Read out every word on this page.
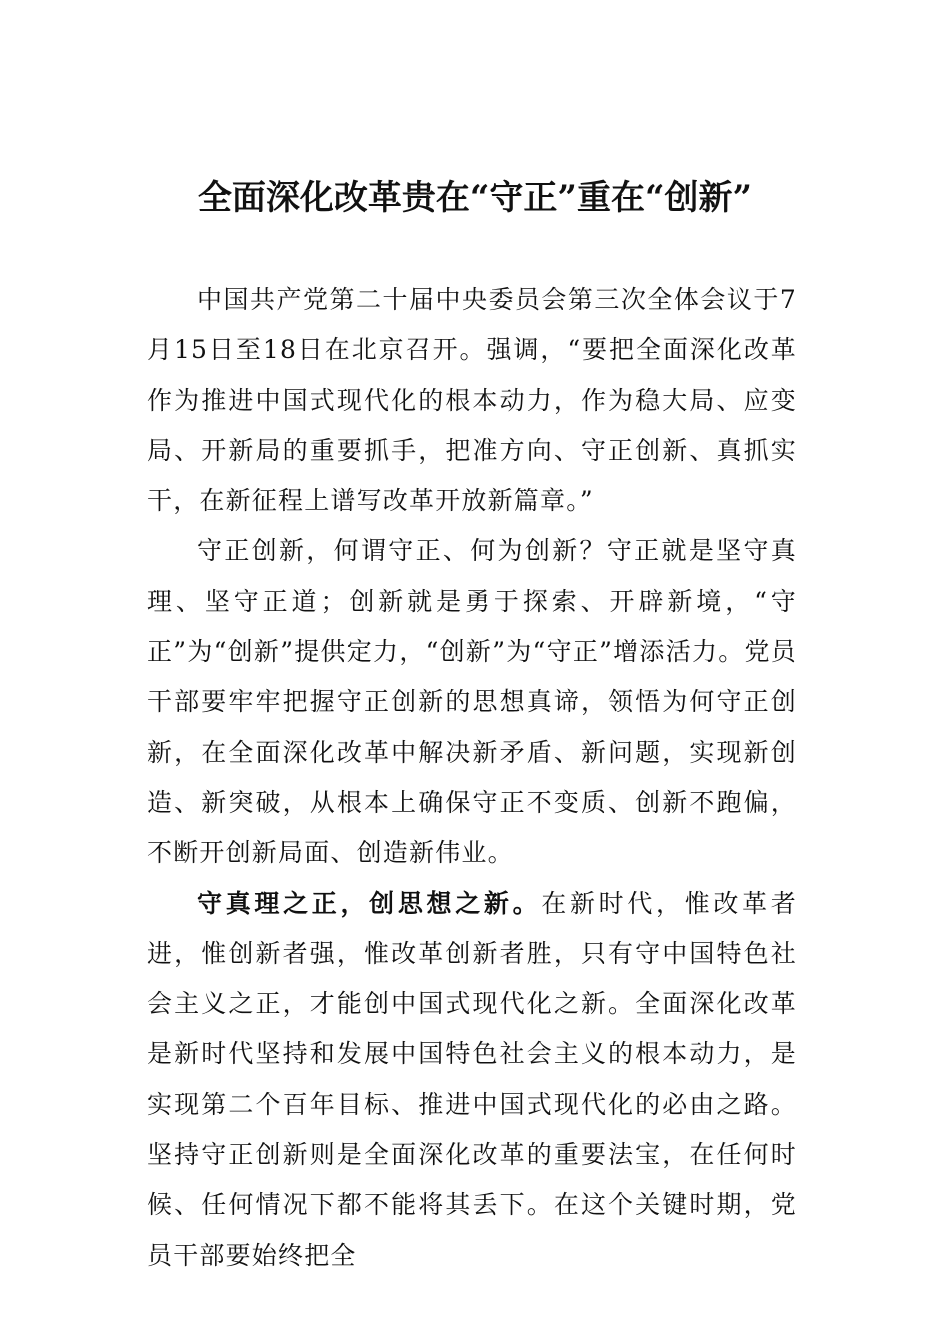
全面深化改革贵在“守正”重在“创新”

中国共产党第二十届中央委员会第三次全体会议于7月15日至18日在北京召开。强调，“要把全面深化改革作为推进中国式现代化的根本动力，作为稳大局、应变局、开新局的重要抓手，把准方向、守正创新、真抓实干，在新征程上谱写改革开放新篇章。”

守正创新，何谓守正、何为创新？守正就是坚守真理、坚守正道；创新就是勇于探索、开辟新境，“守正”为“创新”提供定力，“创新”为“守正”增添活力。党员干部要牢牢把握守正创新的思想真谛，领悟为何守正创新，在全面深化改革中解决新矛盾、新问题，实现新创造、新突破，从根本上确保守正不变质、创新不跑偏，不断开创新局面、创造新伟业。

守真理之正，创思想之新。在新时代，惟改革者进，惟创新者强，惟改革创新者胜，只有守中国特色社会主义之正，才能创中国式现代化之新。全面深化改革是新时代坚持和发展中国特色社会主义的根本动力，是实现第二个百年目标、推进中国式现代化的必由之路。坚持守正创新则是全面深化改革的重要法宝，在任何时候、任何情况下都不能将其丢下。在这个关键时期，党员干部要始终把全
